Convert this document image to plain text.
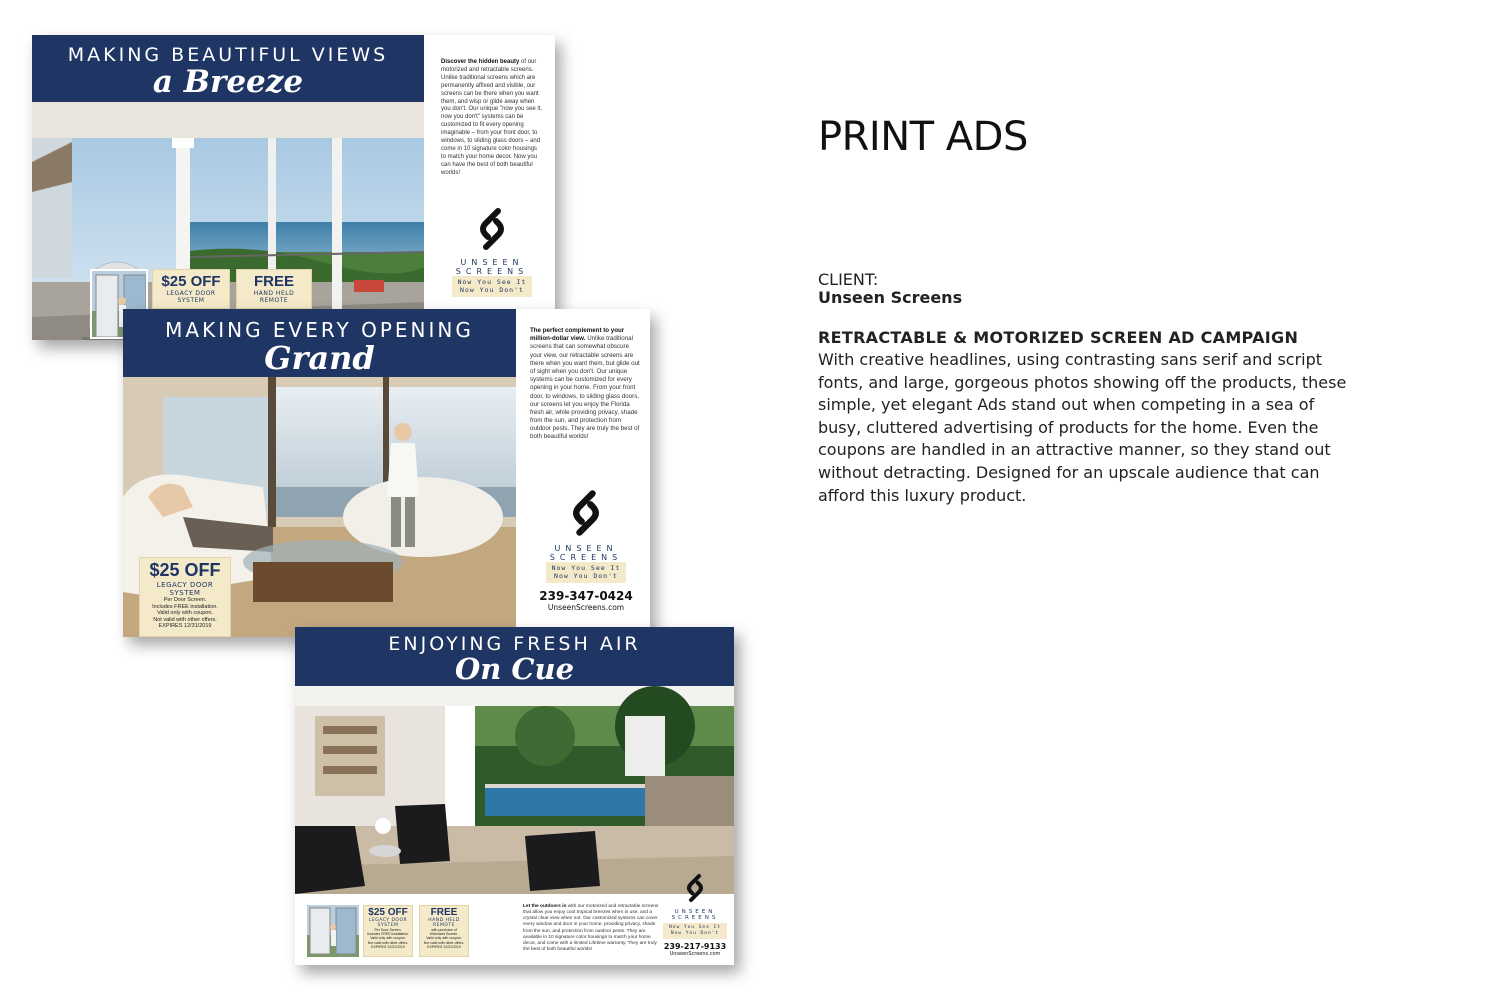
MAKING BEAUTIFUL VIEWS
a Breeze
Discover the hidden beauty of our motorized and retractable screens. Unlike traditional screens which are permanently affixed and visible, our screens can be there when you want them, and wisp or glide away when you don't. Our unique "now you see it, now you don't" systems can be customized to fit every opening imaginable – from your front door, to windows, to sliding glass doors – and come in 10 signature color housings to match your home decor. Now you can have the best of both beautiful worlds!
UNSEEN
SCREENS
Now You See It
Now You Don't
$25 OFF
LEGACY DOOR
SYSTEM
FREE
HAND HELD
REMOTE
MAKING EVERY OPENING
Grand
The perfect complement to your million-dollar view. Unlike traditional screens that can somewhat obscure your view, our retractable screens are there when you want them, but glide out of sight when you don't. Our unique systems can be customized for every opening in your home. From your front door, to windows, to sliding glass doors, our screens let you enjoy the Florida fresh air, while providing privacy, shade from the sun, and protection from outdoor pests. They are truly the best of both beautiful worlds!
UNSEEN
SCREENS
Now You See It
Now You Don't
239-347-0424
UnseenScreens.com
$25 OFF
LEGACY DOOR
SYSTEM
Per Door Screen.
Includes FREE installation.
Valid only with coupon.
Not valid with other offers.
EXPIRES 12/31/2019
ENJOYING FRESH AIR
On Cue
$25 OFF
LEGACY DOOR
SYSTEM
Per Door Screen.
Includes FREE installation.
Valid only with coupon.
Not valid with other offers.
EXPIRES 12/31/2019
FREE
HAND HELD
REMOTE
with purchase of
Motorized Screen.
Valid only with coupon.
Not valid with other offers.
EXPIRES 12/31/2019
Let the outdoors in with our motorized and retractable screens that allow you enjoy cool tropical breezes when in use, and a crystal clear view when not. Our customized systems can cover every window and door in your home, providing privacy, shade from the sun, and protection from outdoor pests. They are available in 10 signature color housings to match your home decor, and come with a limited Lifetime warranty. They are truly the best of both beautiful worlds!
UNSEEN
SCREENS
Now You See It
Now You Don't
239-217-9133
UnseenScreens.com
PRINT ADS
CLIENT:
Unseen Screens
RETRACTABLE & MOTORIZED SCREEN AD CAMPAIGN

With creative headlines, using contrasting sans serif and script fonts, and large, gorgeous photos showing off the products, these simple, yet elegant Ads stand out when competing in a sea of busy, cluttered advertising of products for the home. Even the coupons are handled in an attractive manner, so they stand out without detracting. Designed for an upscale audience that can afford this luxury product.
